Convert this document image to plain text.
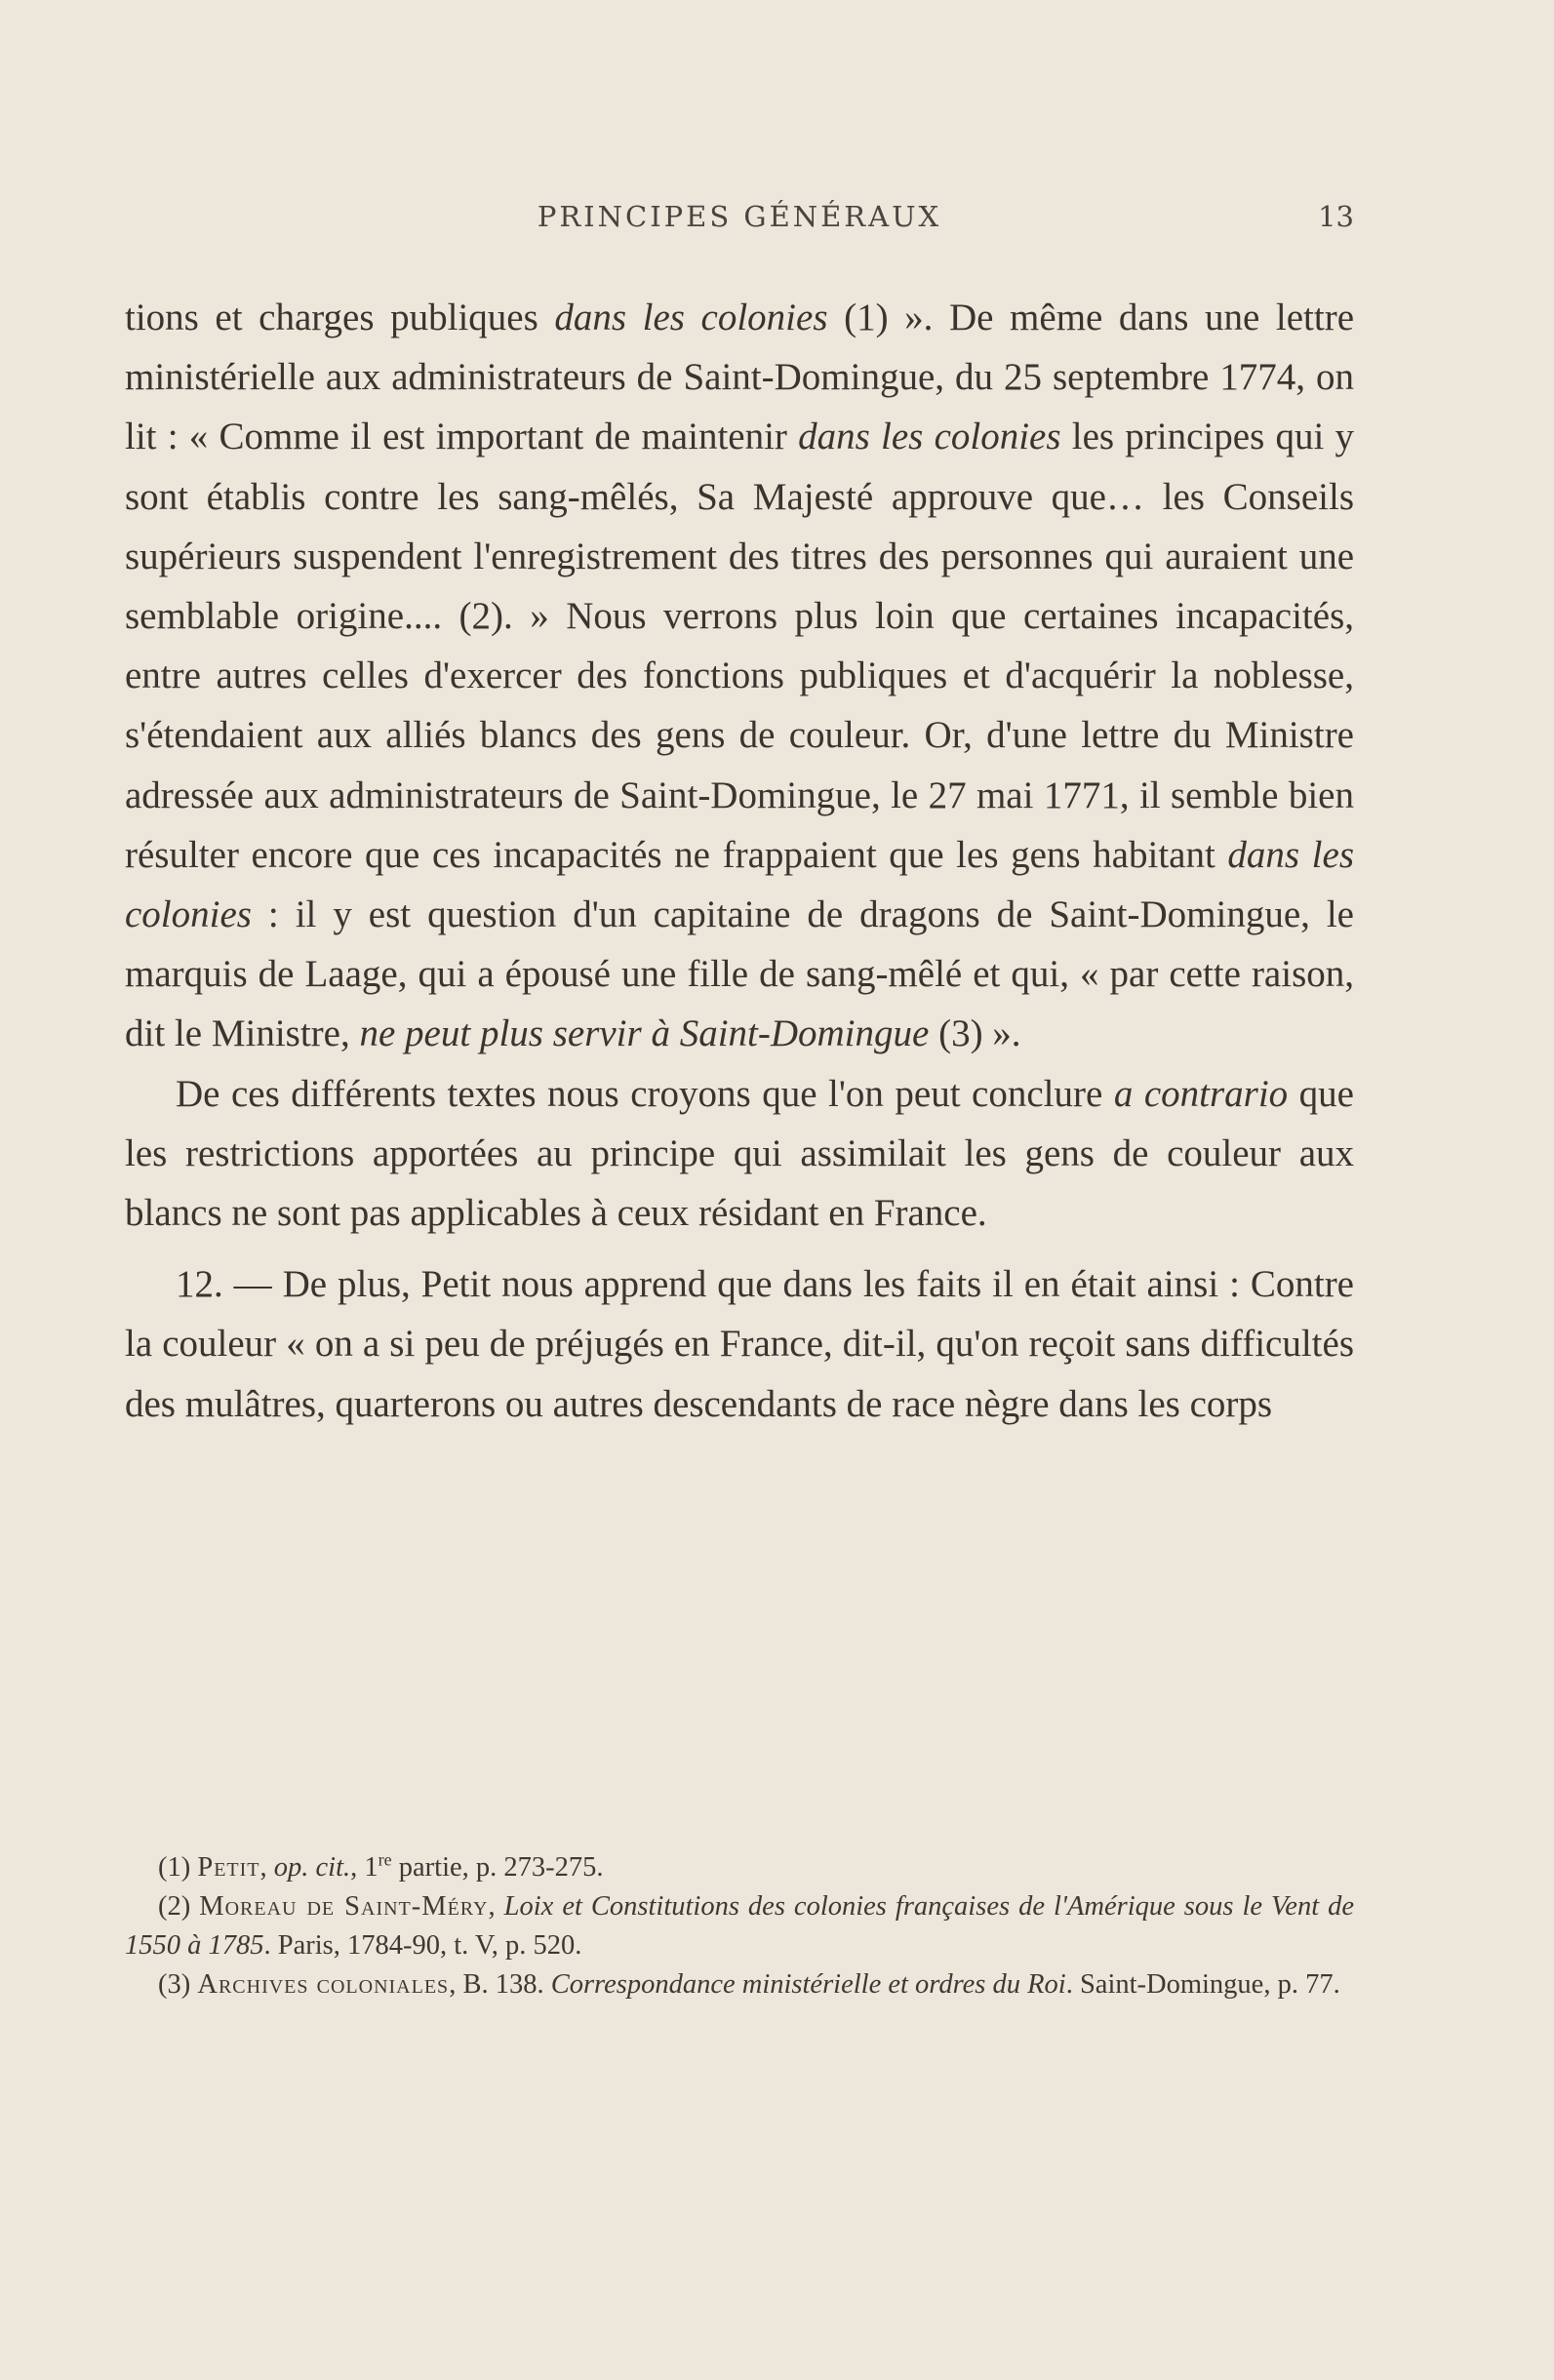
PRINCIPES GÉNÉRAUX	13

tions et charges publiques dans les colonies (1) ». De même dans une lettre ministérielle aux administrateurs de Saint-Domingue, du 25 septembre 1774, on lit : « Comme il est important de maintenir dans les colonies les principes qui y sont établis contre les sang-mêlés, Sa Majesté approuve que… les Conseils supérieurs suspendent l'enregistrement des titres des personnes qui auraient une semblable origine.... (2). » Nous verrons plus loin que certaines incapacités, entre autres celles d'exercer des fonctions publiques et d'acquérir la noblesse, s'étendaient aux alliés blancs des gens de couleur. Or, d'une lettre du Ministre adressée aux administrateurs de Saint-Domingue, le 27 mai 1771, il semble bien résulter encore que ces incapacités ne frappaient que les gens habitant dans les colonies : il y est question d'un capitaine de dragons de Saint-Domingue, le marquis de Laage, qui a épousé une fille de sang-mêlé et qui, « par cette raison, dit le Ministre, ne peut plus servir à Saint-Domingue (3) ».

De ces différents textes nous croyons que l'on peut conclure a contrario que les restrictions apportées au principe qui assimilait les gens de couleur aux blancs ne sont pas applicables à ceux résidant en France.

12. — De plus, Petit nous apprend que dans les faits il en était ainsi : Contre la couleur « on a si peu de préjugés en France, dit-il, qu'on reçoit sans difficultés des mulâtres, quarterons ou autres descendants de race nègre dans les corps

(1) Petit, op. cit., 1re partie, p. 273-275.

(2) Moreau de Saint-Méry, Loix et Constitutions des colonies françaises de l'Amérique sous le Vent de 1550 à 1785. Paris, 1784-90, t. V, p. 520.

(3) Archives coloniales, B. 138. Correspondance ministérielle et ordres du Roi. Saint-Domingue, p. 77.
